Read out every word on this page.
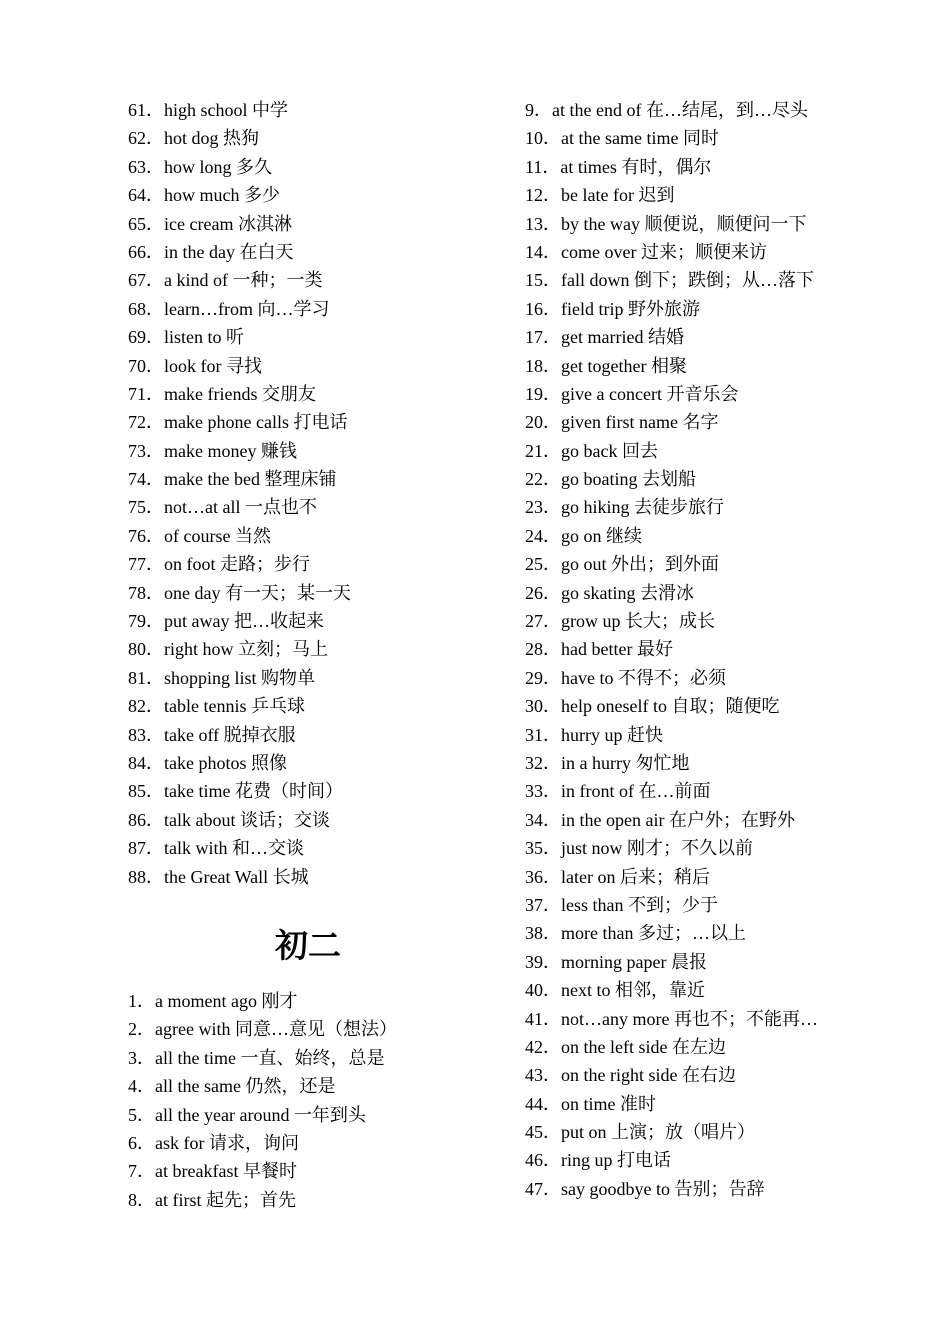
61．high school 中学
62．hot dog 热狗
63．how long 多久
64．how much 多少
65．ice cream 冰淇淋
66．in the day 在白天
67．a kind of 一种；一类
68．learn…from 向…学习
69．listen to 听
70．look for 寻找
71．make friends 交朋友
72．make phone calls 打电话
73．make money 赚钱
74．make the bed 整理床铺
75．not…at all 一点也不
76．of course 当然
77．on foot 走路；步行
78．one day 有一天；某一天
79．put away 把…收起来
80．right how 立刻；马上
81．shopping list 购物单
82．table tennis 乒乓球
83．take off 脱掉衣服
84．take photos 照像
85．take time 花费（时间）
86．talk about 谈话；交谈
87．talk with 和…交谈
88．the Great Wall 长城
初二
1．a moment ago 刚才
2．agree with 同意…意见（想法）
3．all the time 一直、始终，总是
4．all the same 仍然，还是
5．all the year around 一年到头
6．ask for 请求，询问
7．at breakfast 早餐时
8．at first 起先；首先
9．at the end of 在…结尾，到…尽头
10．at the same time 同时
11．at times 有时，偶尔
12．be late for 迟到
13．by the way 顺便说，顺便问一下
14．come over 过来；顺便来访
15．fall down 倒下；跌倒；从…落下
16．field trip 野外旅游
17．get married 结婚
18．get together 相聚
19．give a concert 开音乐会
20．given first name 名字
21．go back 回去
22．go boating 去划船
23．go hiking 去徒步旅行
24．go on 继续
25．go out 外出；到外面
26．go skating 去滑冰
27．grow up 长大；成长
28．had better 最好
29．have to 不得不；必须
30．help oneself to 自取；随便吃
31．hurry up 赶快
32．in a hurry 匆忙地
33．in front of 在…前面
34．in the open air 在户外；在野外
35．just now 刚才；不久以前
36．later on 后来；稍后
37．less than 不到；少于
38．more than 多过；…以上
39．morning paper 晨报
40．next to 相邻，靠近
41．not…any more 再也不；不能再…
42．on the left side 在左边
43．on the right side 在右边
44．on time 准时
45．put on 上演；放（唱片）
46．ring up 打电话
47．say goodbye to 告别；告辞
